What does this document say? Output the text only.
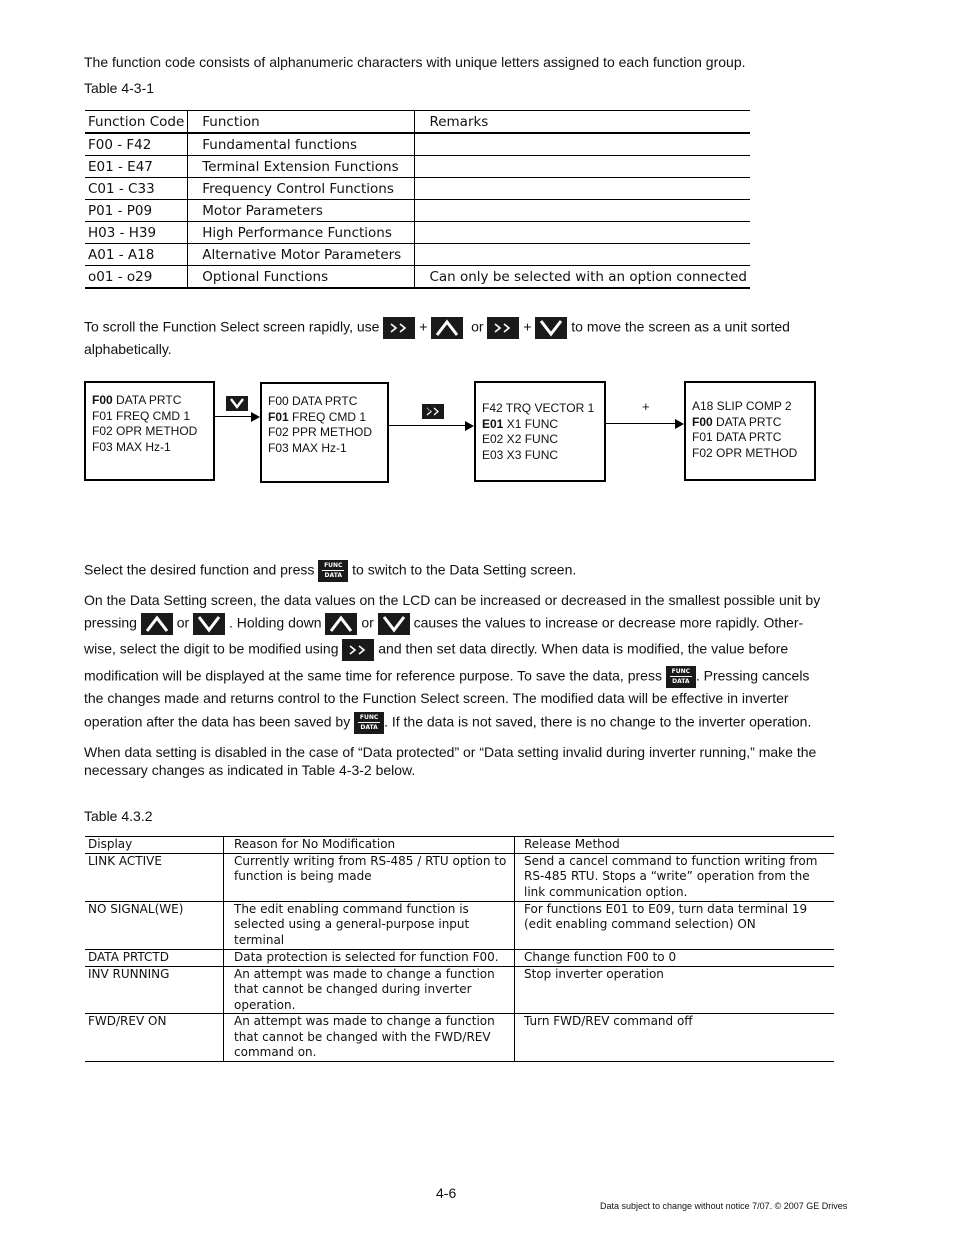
The function code consists of alphanumeric characters with unique letters assigned to each function group.
Table 4-3-1
Function Code	Function	Remarks
F00 - F42	Fundamental functions	
E01 - E47	Terminal Extension Functions	
C01 - C33	Frequency Control Functions	
P01 - P09	Motor Parameters	
H03 - H39	High Performance Functions	
A01 - A18	Alternative Motor Parameters	
o01 - o29	Optional Functions	Can only be selected with an option connected
To scroll the Function Select screen rapidly, use	+	or	+	to move the screen as a unit sorted
alphabetically.
F00 DATA PRTC
F01 FREQ CMD 1
F02 OPR METHOD
F03 MAX Hz-1

F00 DATA PRTC
F01 FREQ CMD 1
F02 PPR METHOD
F03 MAX Hz-1

+
	F42 TRQ VECTOR 1
E01 X1 FUNC
E02 X2 FUNC
E03 X3 FUNC

+	A18 SLIP COMP 2
F00 DATA PRTC
F01 DATA PRTC
F02 OPR METHOD
Select the desired function and press FUNC
DATA to switch to the Data Setting screen.
On the Data Setting screen, the data values on the LCD can be increased or decreased in the smallest possible unit by
pressing	or	. Holding down	or	causes the values to increase or decrease more rapidly. Other-
wise, select the digit to be modified using	and then set data directly. When data is modified, the value before
modification will be displayed at the same time for reference purpose. To save the data, press FUNC
DATA . Pressing cancels
the changes made and returns control to the Function Select screen. The modified data will be effective in inverter
operation after the data has been saved by FUNC
DATA . If the data is not saved, there is no change to the inverter operation.
When data setting is disabled in the case of “Data protected” or “Data setting invalid during inverter running,” make the
necessary changes as indicated in Table 4-3-2 below.
Table 4.3.2
Display	Reason for No Modification	Release Method
LINK ACTIVE	Currently writing from RS-485 / RTU option to function is being made	Send a cancel command to function writing from RS-485 RTU. Stops a “write” operation from the link communication option.
NO SIGNAL(WE)	The edit enabling command function is selected using a general-purpose input terminal	For functions E01 to E09, turn data terminal 19 (edit enabling command selection) ON
DATA PRTCTD	Data protection is selected for function F00.	Change function F00 to 0
INV RUNNING	An attempt was made to change a function that cannot be changed during inverter operation.	Stop inverter operation
FWD/REV ON	An attempt was made to change a function that cannot be changed with the FWD/REV command on.	Turn FWD/REV command off
4-6
Data subject to change without notice 7/07. © 2007 GE Drives
